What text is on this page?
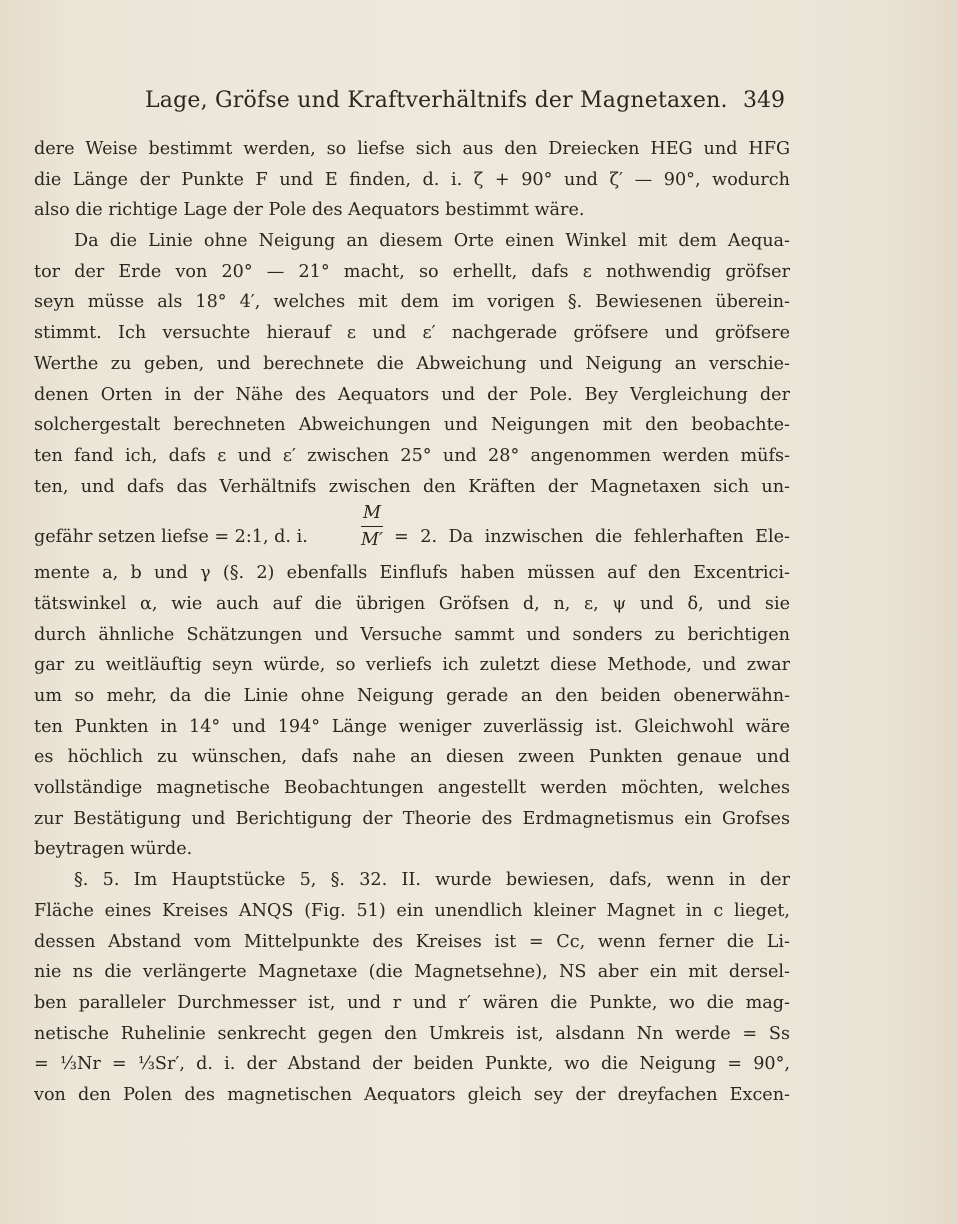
Lage, Gröfse und Kraftverhältnifs der Magnetaxen. 349
dere Weise bestimmt werden, so liefse sich aus den Dreiecken HEG und HFG
die Länge der Punkte F und E finden, d. i. ζ + 90° und ζ′ — 90°, wodurch
also die richtige Lage der Pole des Aequators bestimmt wäre.
Da die Linie ohne Neigung an diesem Orte einen Winkel mit dem Aequa-
tor der Erde von 20° — 21° macht, so erhellt, dafs ε nothwendig gröfser
seyn müsse als 18° 4′, welches mit dem im vorigen §. Bewiesenen überein-
stimmt. Ich versuchte hierauf ε und ε′ nachgerade gröfsere und gröfsere
Werthe zu geben, und berechnete die Abweichung und Neigung an verschie-
denen Orten in der Nähe des Aequators und der Pole. Bey Vergleichung der
solchergestalt berechneten Abweichungen und Neigungen mit den beobachte-
ten fand ich, dafs ε und ε′ zwischen 25° und 28° angenommen werden müfs-
ten, und dafs das Verhältnifs zwischen den Kräften der Magnetaxen sich un-
gefähr setzen liefse = 2:1, d. i.
M
M′ = 2. Da inzwischen die fehlerhaften Ele-
mente a, b und γ (§. 2) ebenfalls Einflufs haben müssen auf den Excentrici-
tätswinkel α, wie auch auf die übrigen Gröfsen d, n, ε, ψ und δ, und sie
durch ähnliche Schätzungen und Versuche sammt und sonders zu berichtigen
gar zu weitläuftig seyn würde, so verliefs ich zuletzt diese Methode, und zwar
um so mehr, da die Linie ohne Neigung gerade an den beiden obenerwähn-
ten Punkten in 14° und 194° Länge weniger zuverlässig ist. Gleichwohl wäre
es höchlich zu wünschen, dafs nahe an diesen zween Punkten genaue und
vollständige magnetische Beobachtungen angestellt werden möchten, welches
zur Bestätigung und Berichtigung der Theorie des Erdmagnetismus ein Grofses
beytragen würde.
§. 5. Im Hauptstücke 5, §. 32. II. wurde bewiesen, dafs, wenn in der
Fläche eines Kreises ANQS (Fig. 51) ein unendlich kleiner Magnet in c lieget,
dessen Abstand vom Mittelpunkte des Kreises ist = Cc, wenn ferner die Li-
nie ns die verlängerte Magnetaxe (die Magnetsehne), NS aber ein mit dersel-
ben paralleler Durchmesser ist, und r und r′ wären die Punkte, wo die mag-
netische Ruhelinie senkrecht gegen den Umkreis ist, alsdann Nn werde = Ss
= ⅓Nr = ⅓Sr′, d. i. der Abstand der beiden Punkte, wo die Neigung = 90°,
von den Polen des magnetischen Aequators gleich sey der dreyfachen Excen-
